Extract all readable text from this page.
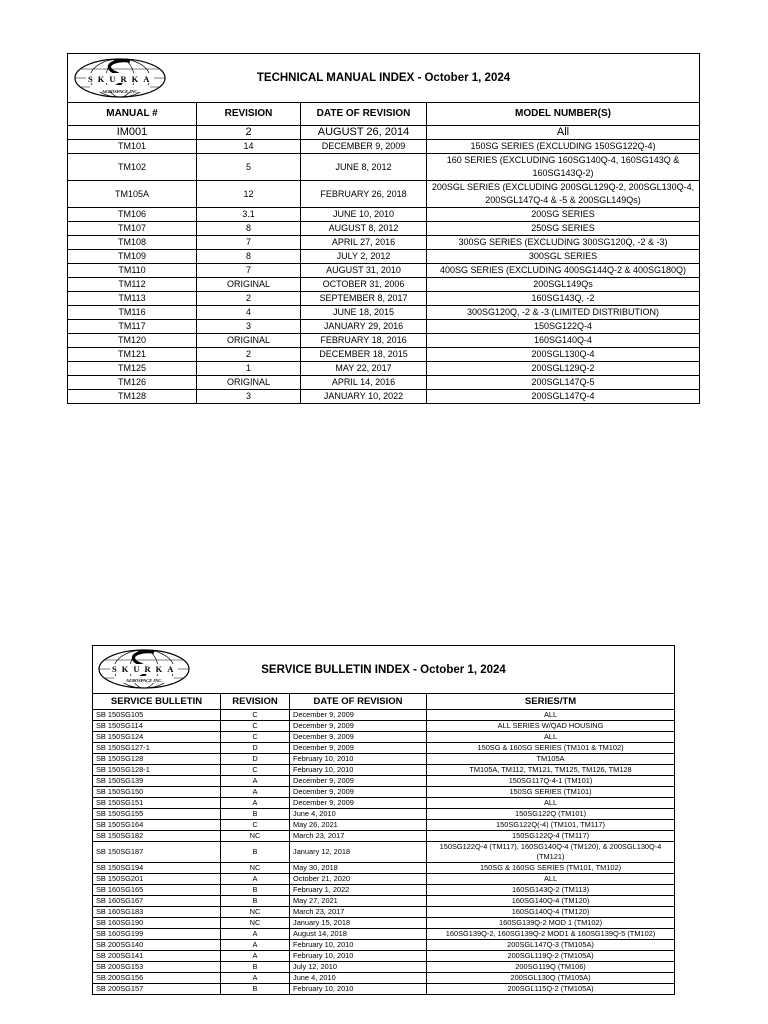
SKURKA
AEROSPACE INC.
TECHNICAL MANUAL INDEX - October 1, 2024			

MANUAL #	REVISION	DATE OF REVISION	MODEL NUMBER(S)
IM001	2	AUGUST 26, 2014	All
TM101	14	DECEMBER 9, 2009	150SG SERIES (EXCLUDING 150SG122Q-4)
TM102	5	JUNE 8, 2012	160 SERIES (EXCLUDING 160SG140Q-4, 160SG143Q & 160SG143Q-2)
TM105A	12	FEBRUARY 26, 2018	200SGL SERIES (EXCLUDING 200SGL129Q-2, 200SGL130Q-4, 200SGL147Q-4 & -5 & 200SGL149Qs)
TM106	3.1	JUNE 10, 2010	200SG SERIES
TM107	8	AUGUST 8, 2012	250SG SERIES
TM108	7	APRIL 27, 2016	300SG SERIES (EXCLUDING 300SG120Q, -2 & -3)
TM109	8	JULY 2, 2012	300SGL SERIES
TM110	7	AUGUST 31, 2010	400SG SERIES (EXCLUDING 400SG144Q-2 & 400SG180Q)
TM112	ORIGINAL	OCTOBER 31, 2006	200SGL149Qs
TM113	2	SEPTEMBER 8, 2017	160SG143Q, -2
TM116	4	JUNE 18, 2015	300SG120Q, -2 & -3 (LIMITED DISTRIBUTION)
TM117	3	JANUARY 29, 2016	150SG122Q-4
TM120	ORIGINAL	FEBRUARY 18, 2016	160SG140Q-4
TM121	2	DECEMBER 18, 2015	200SGL130Q-4
TM125	1	MAY 22, 2017	200SGL129Q-2
TM126	ORIGINAL	APRIL 14, 2016	200SGL147Q-5
TM128	3	JANUARY 10, 2022	200SGL147Q-4
SKURKA
AEROSPACE INC.
SERVICE BULLETIN INDEX - October 1, 2024			

SERVICE BULLETIN	REVISION	DATE OF REVISION	SERIES/TM
SB 150SG105	C	December 9, 2009	ALL
SB 150SG114	C	December 9, 2009	ALL SERIES W/QAD HOUSING
SB 150SG124	C	December 9, 2009	ALL
SB 150SG127-1	D	December 9, 2009	150SG & 160SG SERIES (TM101 & TM102)
SB 150SG128	D	February 10, 2010	TM105A
SB 150SG128-1	C	February 10, 2010	TM105A, TM112, TM121, TM125, TM126, TM128
SB 150SG139	A	December 9, 2009	150SG117Q-4-1 (TM101)
SB 150SG150	A	December 9, 2009	150SG SERIES (TM101)
SB 150SG151	A	December 9, 2009	ALL
SB 150SG155	B	June 4, 2010	150SG122Q (TM101)
SB 150SG164	C	May 26, 2021	150SG122Q(-4) (TM101, TM117)
SB 150SG182	NC	March 23, 2017	150SG122Q-4 (TM117)
SB 150SG187	B	January 12, 2018	150SG122Q-4 (TM117), 160SG140Q-4 (TM120), & 200SGL130Q-4 (TM121)
SB 150SG194	NC	May 30, 2018	150SG & 160SG SERIES (TM101, TM102)
SB 150SG201	A	October 21, 2020	ALL
SB 160SG165	B	February 1, 2022	160SG143Q-2 (TM113)
SB 160SG167	B	May 27, 2021	160SG140Q-4 (TM120)
SB 160SG183	NC	March 23, 2017	160SG140Q-4 (TM120)
SB 160SG190	NC	January 15, 2018	160SG139Q-2 MOD 1 (TM102)
SB 160SG199	A	August 14, 2018	160SG139Q-2, 160SG139Q-2 MOD1 & 160SG139Q-5 (TM102)
SB 200SG140	A	February 10, 2010	200SGL147Q-3 (TM105A)
SB 200SG141	A	February 10, 2010	200SGL119Q-2 (TM105A)
SB 200SG153	B	July 12, 2010	200SG119Q (TM106)
SB 200SG156	A	June 4, 2010	200SGL130Q (TM105A)
SB 200SG157	B	February 10, 2010	200SGL115Q-2 (TM105A)
